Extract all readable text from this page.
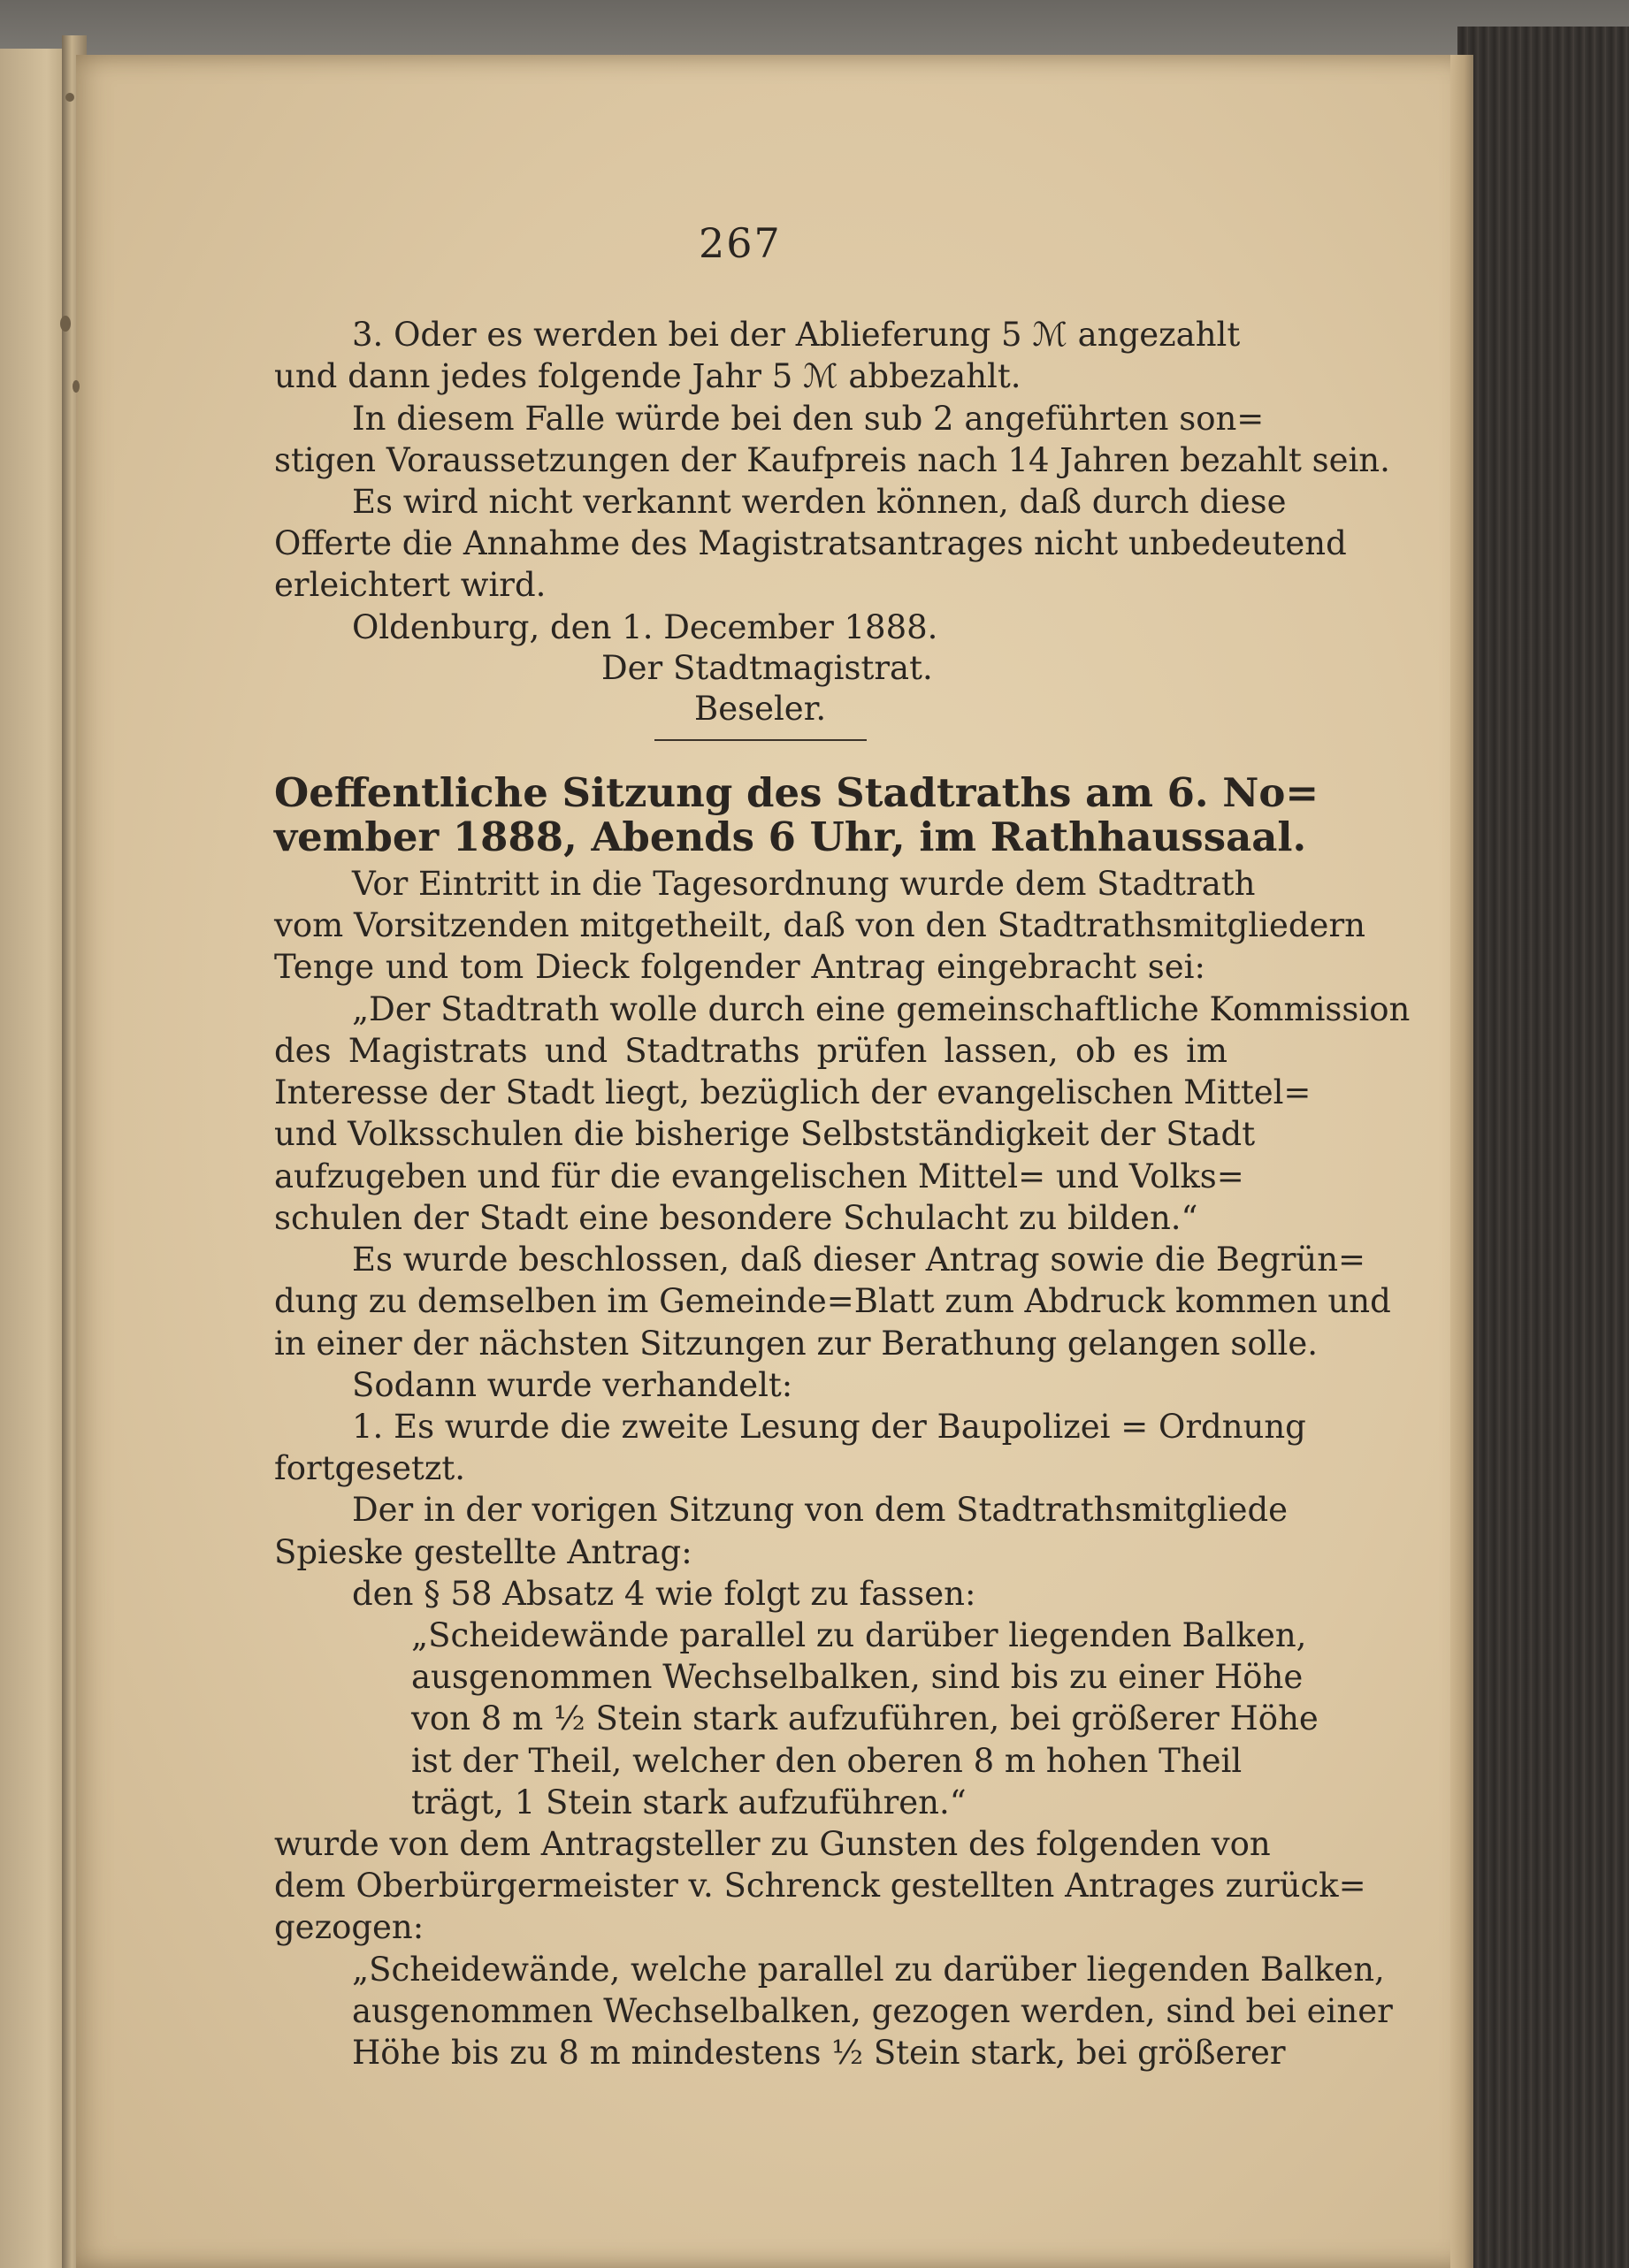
267
3. Oder es werden bei der Ablieferung 5 ℳ angezahlt
und dann jedes folgende Jahr 5 ℳ abbezahlt.
In diesem Falle würde bei den sub 2 angeführten son=
stigen Voraussetzungen der Kaufpreis nach 14 Jahren bezahlt sein.
Es wird nicht verkannt werden können, daß durch diese
Offerte die Annahme des Magistratsantrages nicht unbedeutend
erleichtert wird.
Oldenburg, den 1. December 1888.
Der Stadtmagistrat.
Beseler.
Oeffentliche Sitzung des Stadtraths am 6. No=
vember 1888, Abends 6 Uhr, im Rathhaussaal.
Vor Eintritt in die Tagesordnung wurde dem Stadtrath
vom Vorsitzenden mitgetheilt, daß von den Stadtrathsmitgliedern
Tenge und tom Dieck folgender Antrag eingebracht sei:
„Der Stadtrath wolle durch eine gemeinschaftliche Kommission
des Magistrats und Stadtraths prüfen lassen, ob es im
Interesse der Stadt liegt, bezüglich der evangelischen Mittel=
und Volksschulen die bisherige Selbstständigkeit der Stadt
aufzugeben und für die evangelischen Mittel= und Volks=
schulen der Stadt eine besondere Schulacht zu bilden.“
Es wurde beschlossen, daß dieser Antrag sowie die Begrün=
dung zu demselben im Gemeinde=Blatt zum Abdruck kommen und
in einer der nächsten Sitzungen zur Berathung gelangen solle.
Sodann wurde verhandelt:
1. Es wurde die zweite Lesung der Baupolizei = Ordnung
fortgesetzt.
Der in der vorigen Sitzung von dem Stadtrathsmitgliede
Spieske gestellte Antrag:
den § 58 Absatz 4 wie folgt zu fassen:
„Scheidewände parallel zu darüber liegenden Balken,
ausgenommen Wechselbalken, sind bis zu einer Höhe
von 8 m ½ Stein stark aufzuführen, bei größerer Höhe
ist der Theil, welcher den oberen 8 m hohen Theil
trägt, 1 Stein stark aufzuführen.“
wurde von dem Antragsteller zu Gunsten des folgenden von
dem Oberbürgermeister v. Schrenck gestellten Antrages zurück=
gezogen:
„Scheidewände, welche parallel zu darüber liegenden Balken,
ausgenommen Wechselbalken, gezogen werden, sind bei einer
Höhe bis zu 8 m mindestens ½ Stein stark, bei größerer
